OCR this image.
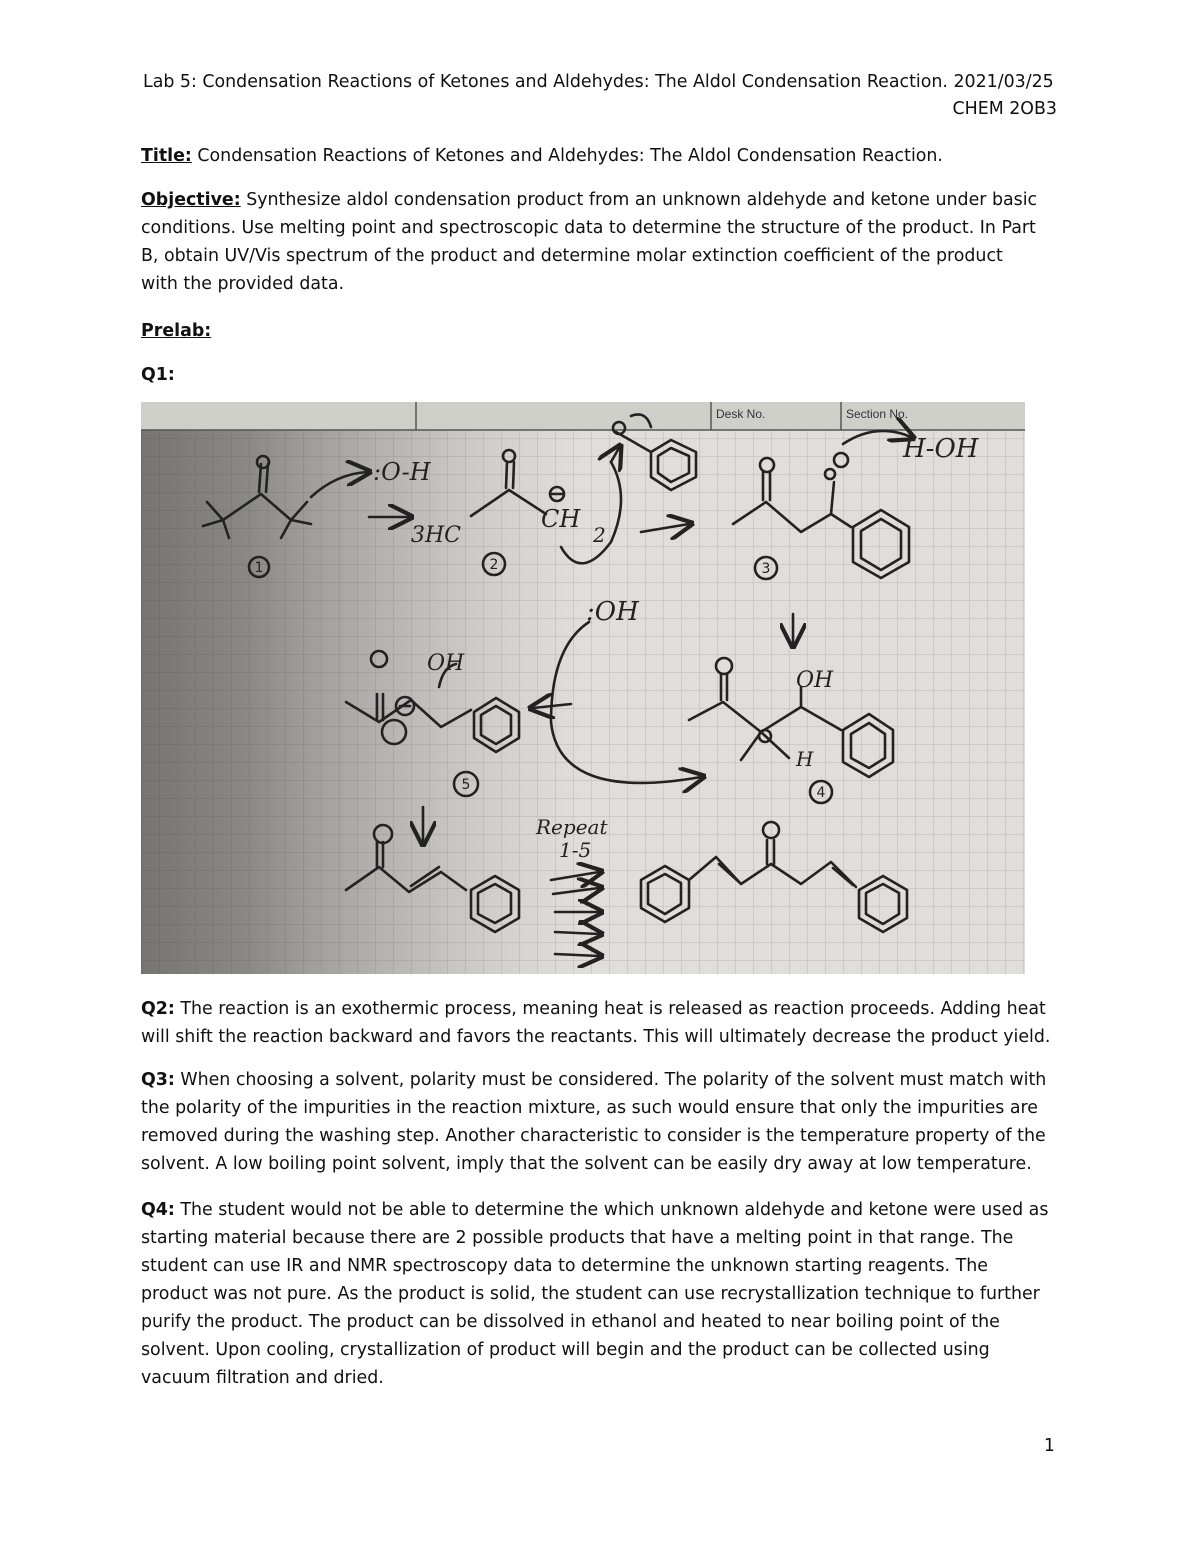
Lab 5: Condensation Reactions of Ketones and Aldehydes: The Aldol Condensation Reaction. 2021/03/25
CHEM 2OB3
Title: Condensation Reactions of Ketones and Aldehydes: The Aldol Condensation Reaction.
Objective: Synthesize aldol condensation product from an unknown aldehyde and ketone under basic
conditions. Use melting point and spectroscopic data to determine the structure of the product. In Part
B, obtain UV/Vis spectrum of the product and determine molar extinction coefficient of the product
with the provided data.
Prelab:
Q1:
Desk No.	Section No.
:O-H
3HC
CH
2
H-OH
:OH
OH
OH
H
Repeat
1-5
1	2	3
4
5
Q2: The reaction is an exothermic process, meaning heat is released as reaction proceeds. Adding heat
will shift the reaction backward and favors the reactants. This will ultimately decrease the product yield.
Q3: When choosing a solvent, polarity must be considered. The polarity of the solvent must match with
the polarity of the impurities in the reaction mixture, as such would ensure that only the impurities are
removed during the washing step. Another characteristic to consider is the temperature property of the
solvent. A low boiling point solvent, imply that the solvent can be easily dry away at low temperature.
Q4: The student would not be able to determine the which unknown aldehyde and ketone were used as
starting material because there are 2 possible products that have a melting point in that range. The
student can use IR and NMR spectroscopy data to determine the unknown starting reagents. The
product was not pure. As the product is solid, the student can use recrystallization technique to further
purify the product. The product can be dissolved in ethanol and heated to near boiling point of the
solvent. Upon cooling, crystallization of product will begin and the product can be collected using
vacuum filtration and dried.
1
